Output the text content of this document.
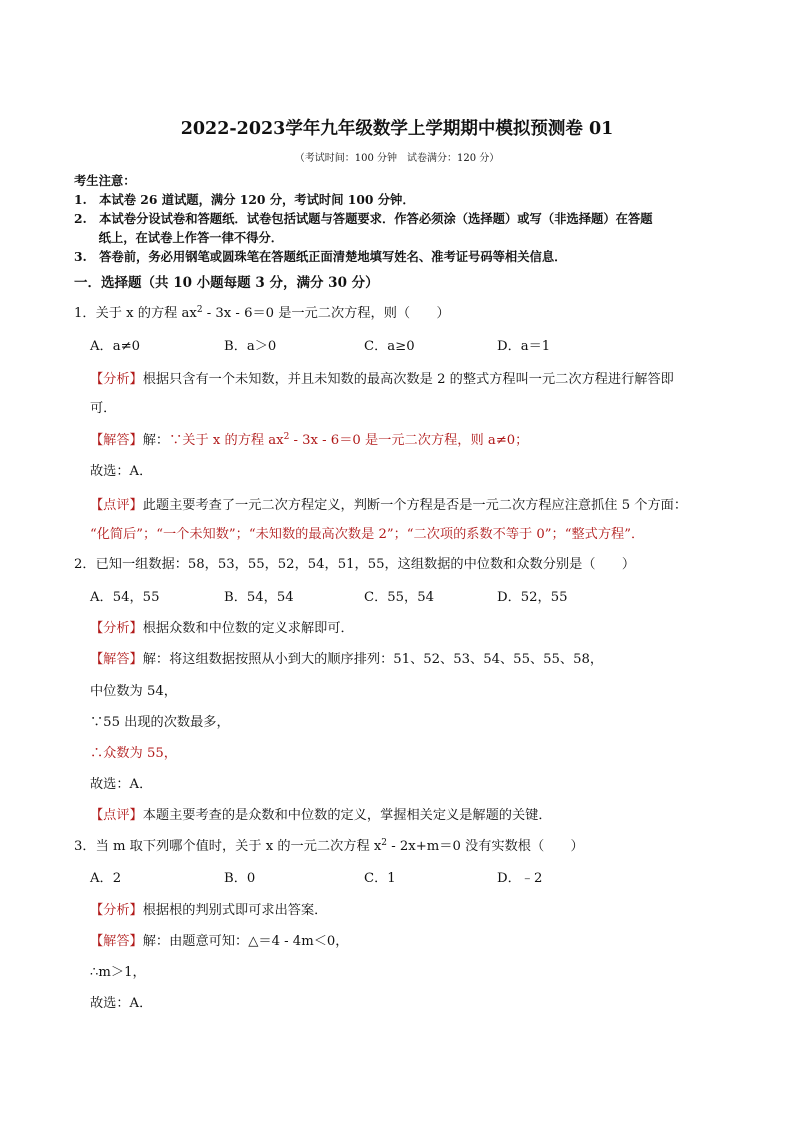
2022-2023学年九年级数学上学期期中模拟预测卷 01
（考试时间：100 分钟　试卷满分：120 分）
考生注意：
1.　本试卷 26 道试题，满分 120 分，考试时间 100 分钟．
2.　本试卷分设试卷和答题纸．试卷包括试题与答题要求．作答必须涂（选择题）或写（非选择题）在答题
　　纸上，在试卷上作答一律不得分．
3.　答卷前，务必用钢笔或圆珠笔在答题纸正面清楚地填写姓名、准考证号码等相关信息．
一．选择题（共 10 小题每题 3 分，满分 30 分）
1．关于 x 的方程 $ax^2 - 3x - 6=0$ 是一元二次方程，则（　　）
A．a≠0	B．a＞0	C．a≥0	D．a＝1
【分析】根据只含有一个未知数，并且未知数的最高次数是 2 的整式方程叫一元二次方程进行解答即
可．
【解答】解：∵关于 x 的方程 $ax^2 - 3x - 6=0$ 是一元二次方程，则 a≠0；
故选：A．
【点评】此题主要考查了一元二次方程定义，判断一个方程是否是一元二次方程应注意抓住 5 个方面：
“化简后”；“一个未知数”；“未知数的最高次数是 2”；“二次项的系数不等于 0”；“整式方程”．
2．已知一组数据：58，53，55，52，54，51，55，这组数据的中位数和众数分别是（　　）
A．54，55	B．54，54	C．55，54	D．52，55
【分析】根据众数和中位数的定义求解即可．
【解答】解：将这组数据按照从小到大的顺序排列：51、52、53、54、55、55、58，
中位数为 54，
∵55 出现的次数最多，
∴众数为 55，
故选：A．
【点评】本题主要考查的是众数和中位数的定义，掌握相关定义是解题的关键．
3．当 m 取下列哪个值时，关于 x 的一元二次方程 $x^2 - 2x+m=0$ 没有实数根（　　）
A．2	B．0	C．1	D．﹣2
【分析】根据根的判别式即可求出答案．
【解答】解：由题意可知：△＝4 - 4m＜0，
∴m＞1，
故选：A．
